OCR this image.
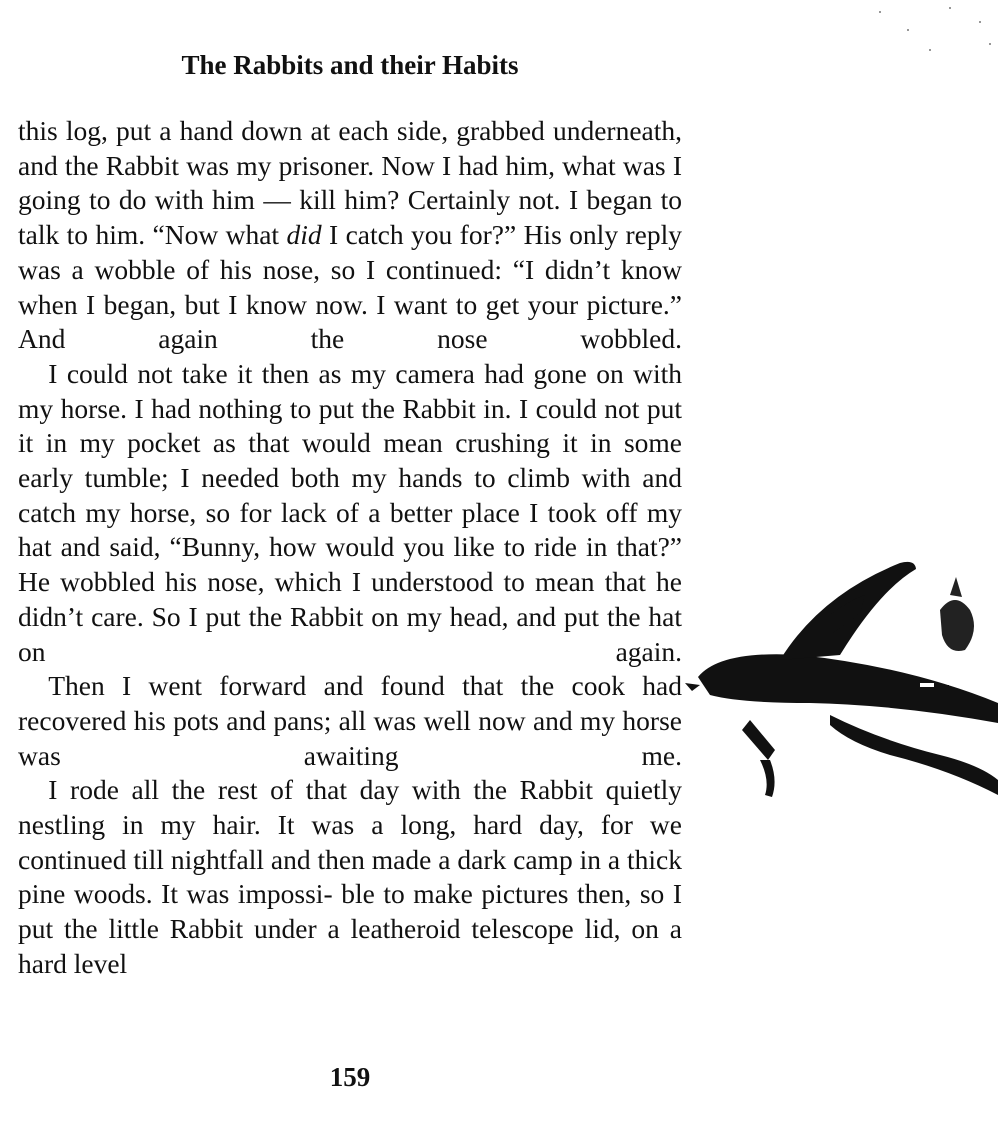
The Rabbits and their Habits

this log, put a hand down at each side, grabbed underneath, and the Rabbit was my prisoner. Now I had him, what was I going to do with him — kill him? Certainly not. I began to talk to him. “Now what did I catch you for?” His only reply was a wobble of his nose, so I continued: “I didn’t know when I began, but I know now. I want to get your picture.” And again the nose wobbled.

I could not take it then as my camera had gone on with my horse. I had nothing to put the Rabbit in. I could not put it in my pocket as that would mean crushing it in some early tumble; I needed both my hands to climb with and catch my horse, so for lack of a better place I took off my hat and said, “Bunny, how would you like to ride in that?” He wobbled his nose, which I understood to mean that he didn’t care. So I put the Rabbit on my head, and put the hat on again.

Then I went forward and found that the cook had recovered his pots and pans; all was well now and my horse was awaiting me.

I rode all the rest of that day with the Rabbit quietly nestling in my hair. It was a long, hard day, for we continued till nightfall and then made a dark camp in a thick pine woods. It was impossi- ble to make pictures then, so I put the little Rabbit under a leatheroid telescope lid, on a hard level

159
